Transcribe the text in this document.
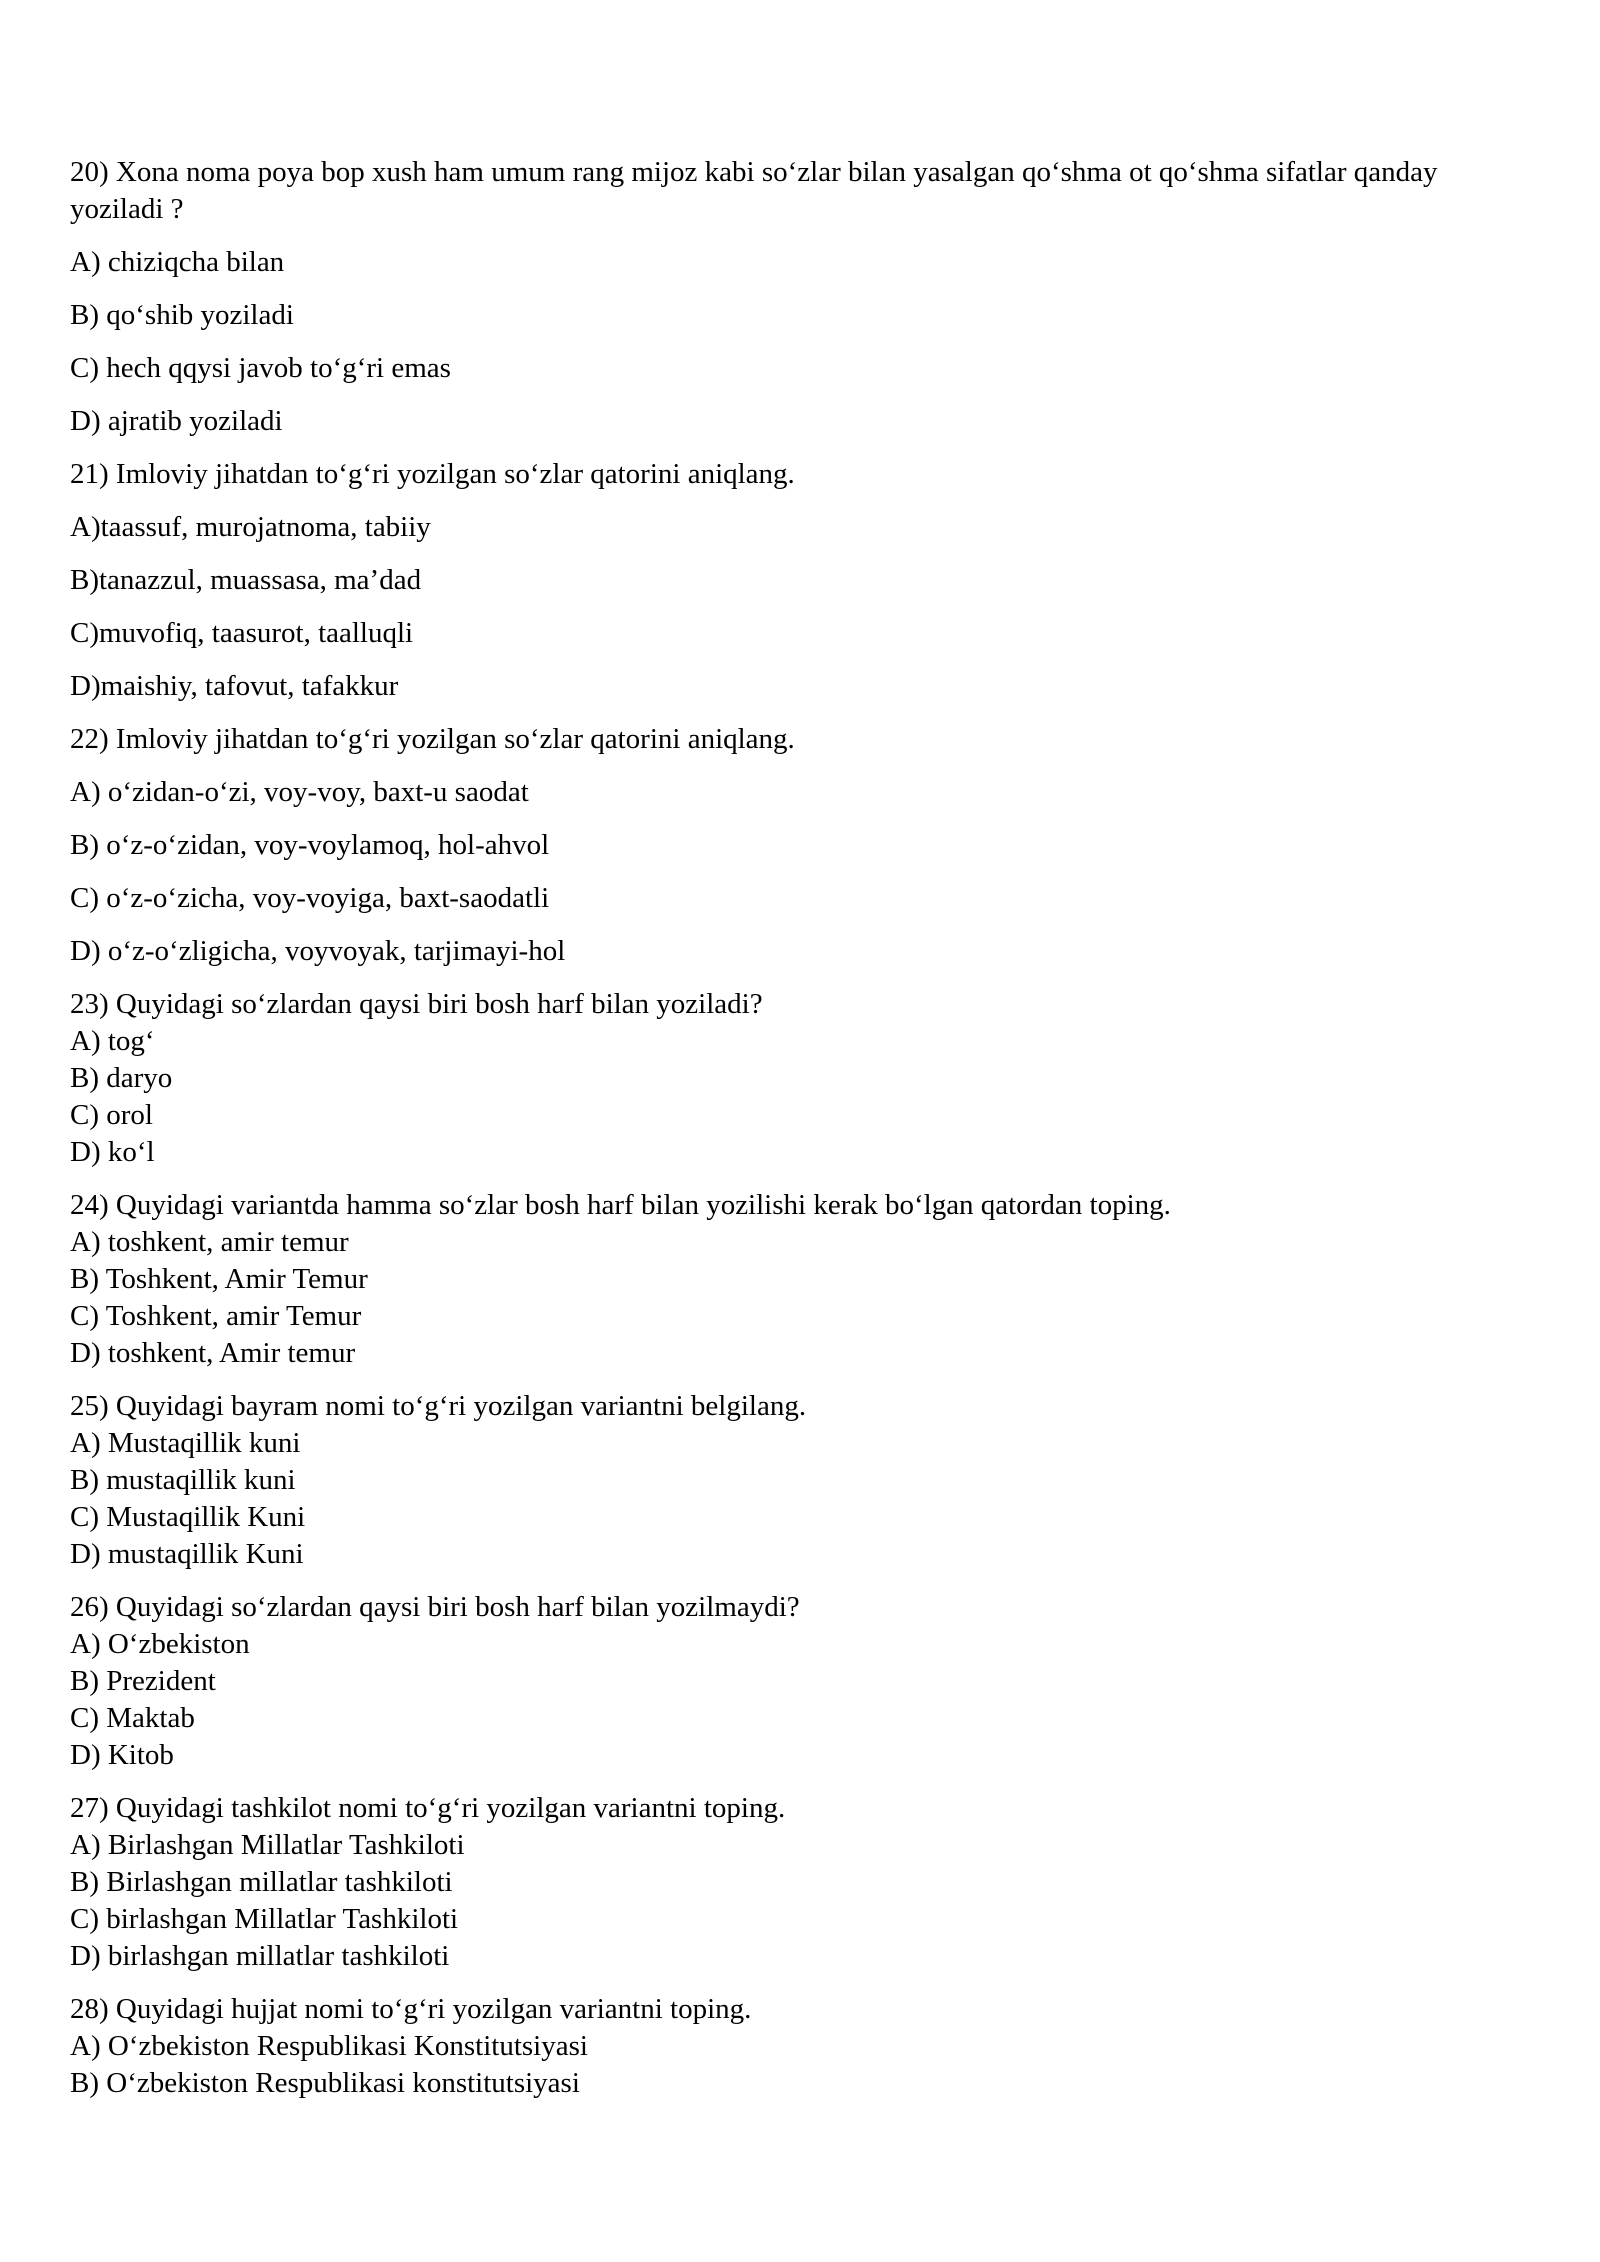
20) Xona noma poya bop xush ham umum rang mijoz kabi so‘zlar bilan yasalgan qo‘shma ot qo‘shma sifatlar qanday yoziladi ?

A) chiziqcha bilan

B) qo‘shib yoziladi

C) hech qqysi javob to‘g‘ri emas

D) ajratib yoziladi

21) Imloviy jihatdan to‘g‘ri yozilgan so‘zlar qatorini aniqlang.

A)taassuf, murojatnoma, tabiiy

B)tanazzul, muassasa, ma’dad

C)muvofiq, taasurot, taalluqli

D)maishiy, tafovut, tafakkur

22) Imloviy jihatdan to‘g‘ri yozilgan so‘zlar qatorini aniqlang.

A) o‘zidan-o‘zi, voy-voy, baxt-u saodat

B) o‘z-o‘zidan, voy-voylamoq, hol-ahvol

C) o‘z-o‘zicha, voy-voyiga, baxt-saodatli

D) o‘z-o‘zligicha, voyvoyak, tarjimayi-hol

23) Quyidagi so‘zlardan qaysi biri bosh harf bilan yoziladi?

A) tog‘

B) daryo

C) orol

D) ko‘l

24) Quyidagi variantda hamma so‘zlar bosh harf bilan yozilishi kerak bo‘lgan qatordan toping.

A) toshkent, amir temur

B) Toshkent, Amir Temur

C) Toshkent, amir Temur

D) toshkent, Amir temur

25) Quyidagi bayram nomi to‘g‘ri yozilgan variantni belgilang.

A) Mustaqillik kuni

B) mustaqillik kuni

C) Mustaqillik Kuni

D) mustaqillik Kuni

26) Quyidagi so‘zlardan qaysi biri bosh harf bilan yozilmaydi?

A) O‘zbekiston

B) Prezident

C) Maktab

D) Kitob

27) Quyidagi tashkilot nomi to‘g‘ri yozilgan variantni toping.

A) Birlashgan Millatlar Tashkiloti

B) Birlashgan millatlar tashkiloti

C) birlashgan Millatlar Tashkiloti

D) birlashgan millatlar tashkiloti

28) Quyidagi hujjat nomi to‘g‘ri yozilgan variantni toping.

A) O‘zbekiston Respublikasi Konstitutsiyasi

B) O‘zbekiston Respublikasi konstitutsiyasi
